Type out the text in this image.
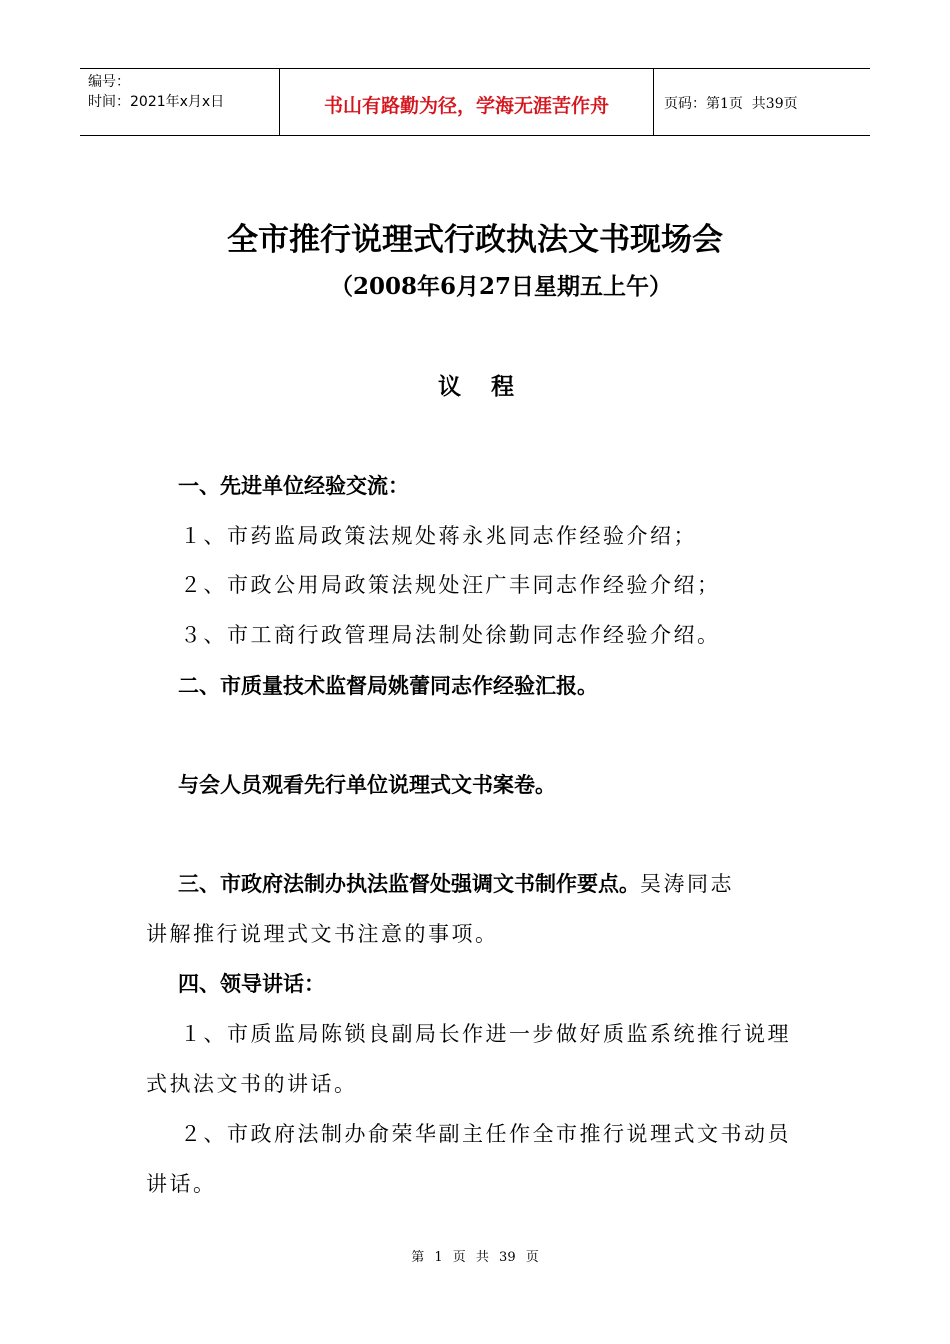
编号：
时间：2021年x月x日	书山有路勤为径，学海无涯苦作舟	页码：第1页  共39页
全市推行说理式行政执法文书现场会
（2008年6月27日星期五上午）
议程
一、先进单位经验交流：
１、市药监局政策法规处蒋永兆同志作经验介绍；
２、市政公用局政策法规处汪广丰同志作经验介绍；
３、市工商行政管理局法制处徐勤同志作经验介绍。
二、市质量技术监督局姚蕾同志作经验汇报。
与会人员观看先行单位说理式文书案卷。
三、市政府法制办执法监督处强调文书制作要点。吴涛同志
讲解推行说理式文书注意的事项。
四、领导讲话：
１、市质监局陈锁良副局长作进一步做好质监系统推行说理
式执法文书的讲话。
２、市政府法制办俞荣华副主任作全市推行说理式文书动员
讲话。
第 1 页 共 39 页
